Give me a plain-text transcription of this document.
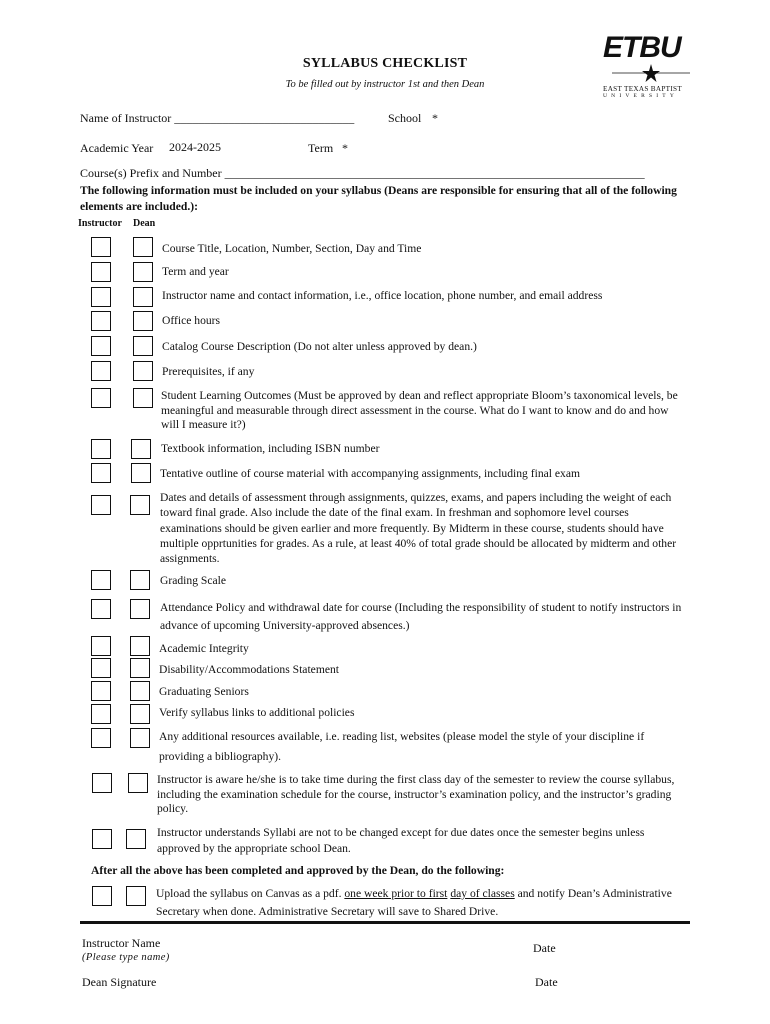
SYLLABUS CHECKLIST
To be filled out by instructor 1st and then Dean
ETBU
EAST TEXAS BAPTIST
UNIVERSITY
Name of Instructor ______________________________	School *
Academic Year 2024-2025	Term *
Course(s) Prefix and Number ______________________________________________________________________
The following information must be included on your syllabus (Deans are responsible for ensuring that all of the following elements are included.):
Instructor Dean
Course Title, Location, Number, Section, Day and Time
Term and year
Instructor name and contact information, i.e., office location, phone number, and email address
Office hours
Catalog Course Description (Do not alter unless approved by dean.)
Prerequisites, if any
Student Learning Outcomes (Must be approved by dean and reflect appropriate Bloom’s taxonomical levels, be meaningful and measurable through direct assessment in the course. What do I want to know and do and how will I measure it?)
Textbook information, including ISBN number
Tentative outline of course material with accompanying assignments, including final exam
Dates and details of assessment through assignments, quizzes, exams, and papers including the weight of each toward final grade. Also include the date of the final exam. In freshman and sophomore level courses examinations should be given earlier and more frequently. By Midterm in these course, students should have multiple opprtunities for grades. As a rule, at least 40% of total grade should be allocated by midterm and other assignments.
Grading Scale
Attendance Policy and withdrawal date for course (Including the responsibility of student to notify instructors in advance of upcoming University-approved absences.)
Academic Integrity
Disability/Accommodations Statement
Graduating Seniors
Verify syllabus links to additional policies
Any additional resources available, i.e. reading list, websites (please model the style of your discipline if providing a bibliography).
Instructor is aware he/she is to take time during the first class day of the semester to review the course syllabus, including the examination schedule for the course, instructor’s examination policy, and the instructor’s grading policy.
Instructor understands Syllabi are not to be changed except for due dates once the semester begins unless approved by the appropriate school Dean.
After all the above has been completed and approved by the Dean, do the following:
Upload the syllabus on Canvas as a pdf. one week prior to first day of classes and notify Dean’s Administrative Secretary when done. Administrative Secretary will save to Shared Drive.
Instructor Name
(Please type name)
Date
Dean Signature	Date
